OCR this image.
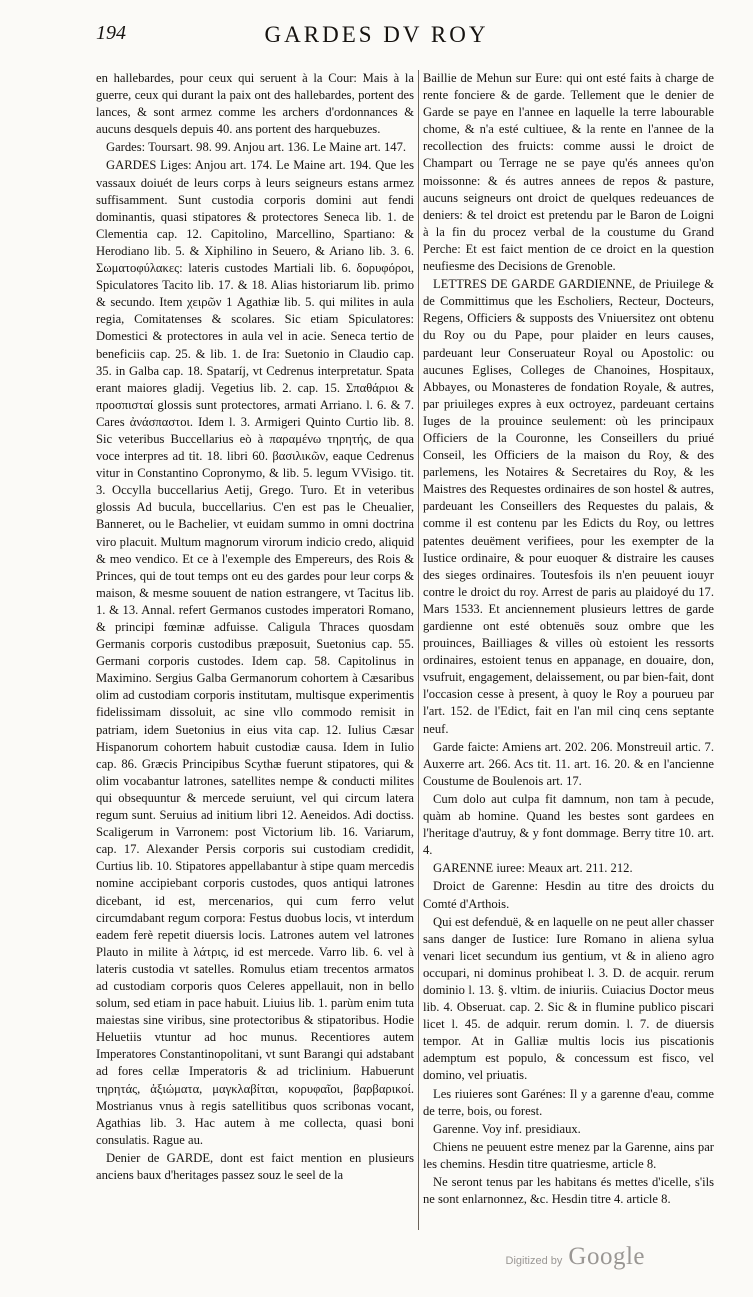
194	GARDES DV ROY

en hallebardes, pour ceux qui seruent à la Cour: Mais à la guerre, ceux qui durant la paix ont des hallebardes, portent des lances, & sont armez comme les archers d'ordonnances & aucuns desquels depuis 40. ans portent des harquebuzes.

Gardes: Toursart. 98. 99. Anjou art. 136. Le Maine art. 147.

GARDES Liges: Anjou art. 174. Le Maine art. 194. Que les vassaux doiuét de leurs corps à leurs seigneurs estans armez suffisamment. Sunt custodia corporis domini aut fendi dominantis, quasi stipatores & protectores Seneca lib. 1. de Clementia cap. 12. Capitolino, Marcellino, Spartiano: & Herodiano lib. 5. & Xiphilino in Seuero, & Ariano lib. 3. 6. Σωματοφύλακες: lateris custodes Martiali lib. 6. δορυφόροι, Spiculatores Tacito lib. 17. & 18. Alias historiarum lib. primo & secundo. Item χειρῶν 1 Agathiæ lib. 5. qui milites in aula regia, Comitatenses & scolares. Sic etiam Spiculatores: Domestici & protectores in aula vel in acie. Seneca tertio de beneficiis cap. 25. & lib. 1. de Ira: Suetonio in Claudio cap. 35. in Galba cap. 18. Spataríj, vt Cedrenus interpretatur. Spata erant maiores gladij. Vegetius lib. 2. cap. 15. Σπαθάριοι & προσπισταί glossis sunt protectores, armati Arriano. l. 6. & 7. Cares ἀνάσπαστοι. Idem l. 3. Armigeri Quinto Curtio lib. 8. Sic veteribus Buccellarius eò à παραμένω τηρητής, de qua voce interpres ad tit. 18. libri 60. βασιλικῶν, eaque Cedrenus vitur in Constantino Copronymo, & lib. 5. legum VVisigo. tit. 3. Occylla buccellarius Aetij, Grego. Turo. Et in veteribus glossis Ad bucula, buccellarius. C'en est pas le Cheualier, Banneret, ou le Bachelier, vt euidam summo in omni doctrina viro placuit. Multum magnorum virorum indicio credo, aliquid & meo vendico. Et ce à l'exemple des Empereurs, des Rois & Princes, qui de tout temps ont eu des gardes pour leur corps & maison, & mesme souuent de nation estrangere, vt Tacitus lib. 1. & 13. Annal. refert Germanos custodes imperatori Romano, & principi fœminæ adfuisse. Caligula Thraces quosdam Germanis corporis custodibus præposuit, Suetonius cap. 55. Germani corporis custodes. Idem cap. 58. Capitolinus in Maximino. Sergius Galba Germanorum cohortem à Cæsaribus olim ad custodiam corporis institutam, multisque experimentis fidelissimam dissoluit, ac sine vllo commodo remisit in patriam, idem Suetonius in eius vita cap. 12. Iulius Cæsar Hispanorum cohortem habuit custodiæ causa. Idem in Iulio cap. 86. Græcis Principibus Scythæ fuerunt stipatores, qui & olim vocabantur latrones, satellites nempe & conducti milites qui obsequuntur & mercede seruiunt, vel qui circum latera regum sunt. Seruius ad initium libri 12. Aeneidos. Adi doctiss. Scaligerum in Varronem: post Victorium lib. 16. Variarum, cap. 17. Alexander Persis corporis sui custodiam credidit, Curtius lib. 10. Stipatores appellabantur à stipe quam mercedis nomine accipiebant corporis custodes, quos antiqui latrones dicebant, id est, mercenarios, qui cum ferro velut circumdabant regum corpora: Festus duobus locis, vt interdum eadem ferè repetit diuersis locis. Latrones autem vel latrones Plauto in milite à λάτρις, id est mercede. Varro lib. 6. vel à lateris custodia vt satelles. Romulus etiam trecentos armatos ad custodiam corporis quos Celeres appellauit, non in bello solum, sed etiam in pace habuit. Liuius lib. 1. parùm enim tuta maiestas sine viribus, sine protectoribus & stipatoribus. Hodie Heluetiis vtuntur ad hoc munus. Recentiores autem Imperatores Constantinopolitani, vt sunt Barangi qui adstabant ad fores cellæ Imperatoris & ad triclinium. Habuerunt τηρητάς, ἀξιώματα, μαγκλαβίται, κορυφαῖοι, βαρβαρικοί. Mostrianus vnus à regis satellitibus quos scribonas vocant, Agathias lib. 3. Hac autem à me collecta, quasi boni consulatis. Rague au.

Denier de GARDE, dont est faict mention en plusieurs anciens baux d'heritages passez souz le seel de la

Baillie de Mehun sur Eure: qui ont esté faits à charge de rente fonciere & de garde. Tellement que le denier de Garde se paye en l'annee en laquelle la terre labourable chome, & n'a esté cultiuee, & la rente en l'annee de la recollection des fruicts: comme aussi le droict de Champart ou Terrage ne se paye qu'és annees qu'on moissonne: & és autres annees de repos & pasture, aucuns seigneurs ont droict de quelques redeuances de deniers: & tel droict est pretendu par le Baron de Loigni à la fin du procez verbal de la coustume du Grand Perche: Et est faict mention de ce droict en la question neufiesme des Decisions de Grenoble.

LETTRES DE GARDE GARDIENNE, de Priuilege & de Committimus que les Escholiers, Recteur, Docteurs, Regens, Officiers & supposts des Vniuersitez ont obtenu du Roy ou du Pape, pour plaider en leurs causes, pardeuant leur Conseruateur Royal ou Apostolic: ou aucunes Eglises, Colleges de Chanoines, Hospitaux, Abbayes, ou Monasteres de fondation Royale, & autres, par priuileges expres à eux octroyez, pardeuant certains Iuges de la prouince seulement: où les principaux Officiers de la Couronne, les Conseillers du priué Conseil, les Officiers de la maison du Roy, & des parlemens, les Notaires & Secretaires du Roy, & les Maistres des Requestes ordinaires de son hostel & autres, pardeuant les Conseillers des Requestes du palais, & comme il est contenu par les Edicts du Roy, ou lettres patentes deuëment verifiees, pour les exempter de la Iustice ordinaire, & pour euoquer & distraire les causes des sieges ordinaires. Toutesfois ils n'en peuuent iouyr contre le droict du roy. Arrest de paris au plaidoyé du 17. Mars 1533. Et anciennement plusieurs lettres de garde gardienne ont esté obtenuës souz ombre que les prouinces, Bailliages & villes où estoient les ressorts ordinaires, estoient tenus en appanage, en douaire, don, vsufruit, engagement, delaissement, ou par bien-fait, dont l'occasion cesse à present, à quoy le Roy a pourueu par l'art. 152. de l'Edict, fait en l'an mil cinq cens septante neuf.

Garde faicte: Amiens art. 202. 206. Monstreuil artic. 7. Auxerre art. 266. Acs tit. 11. art. 16. 20. & en l'ancienne Coustume de Boulenois art. 17.

Cum dolo aut culpa fit damnum, non tam à pecude, quàm ab homine. Quand les bestes sont gardees en l'heritage d'autruy, & y font dommage. Berry titre 10. art. 4.

GARENNE iuree: Meaux art. 211. 212.

Droict de Garenne: Hesdin au titre des droicts du Comté d'Arthois.

Qui est defenduë, & en laquelle on ne peut aller chasser sans danger de Iustice: Iure Romano in aliena sylua venari licet secundum ius gentium, vt & in alieno agro occupari, ni dominus prohibeat l. 3. D. de acquir. rerum dominio l. 13. §. vltim. de iniuriis. Cuiacius Doctor meus lib. 4. Obseruat. cap. 2. Sic & in flumine publico piscari licet l. 45. de adquir. rerum domin. l. 7. de diuersis tempor. At in Galliæ multis locis ius piscationis ademptum est populo, & concessum est fisco, vel domino, vel priuatis.

Les riuieres sont Garénes: Il y a garenne d'eau, comme de terre, bois, ou forest.

Garenne. Voy inf. presidiaux.

Chiens ne peuuent estre menez par la Garenne, ains par les chemins. Hesdin titre quatriesme, article 8.

Ne seront tenus par les habitans és mettes d'icelle, s'ils ne sont enlarnonnez, &c. Hesdin titre 4. article 8.

Digitized by Google
